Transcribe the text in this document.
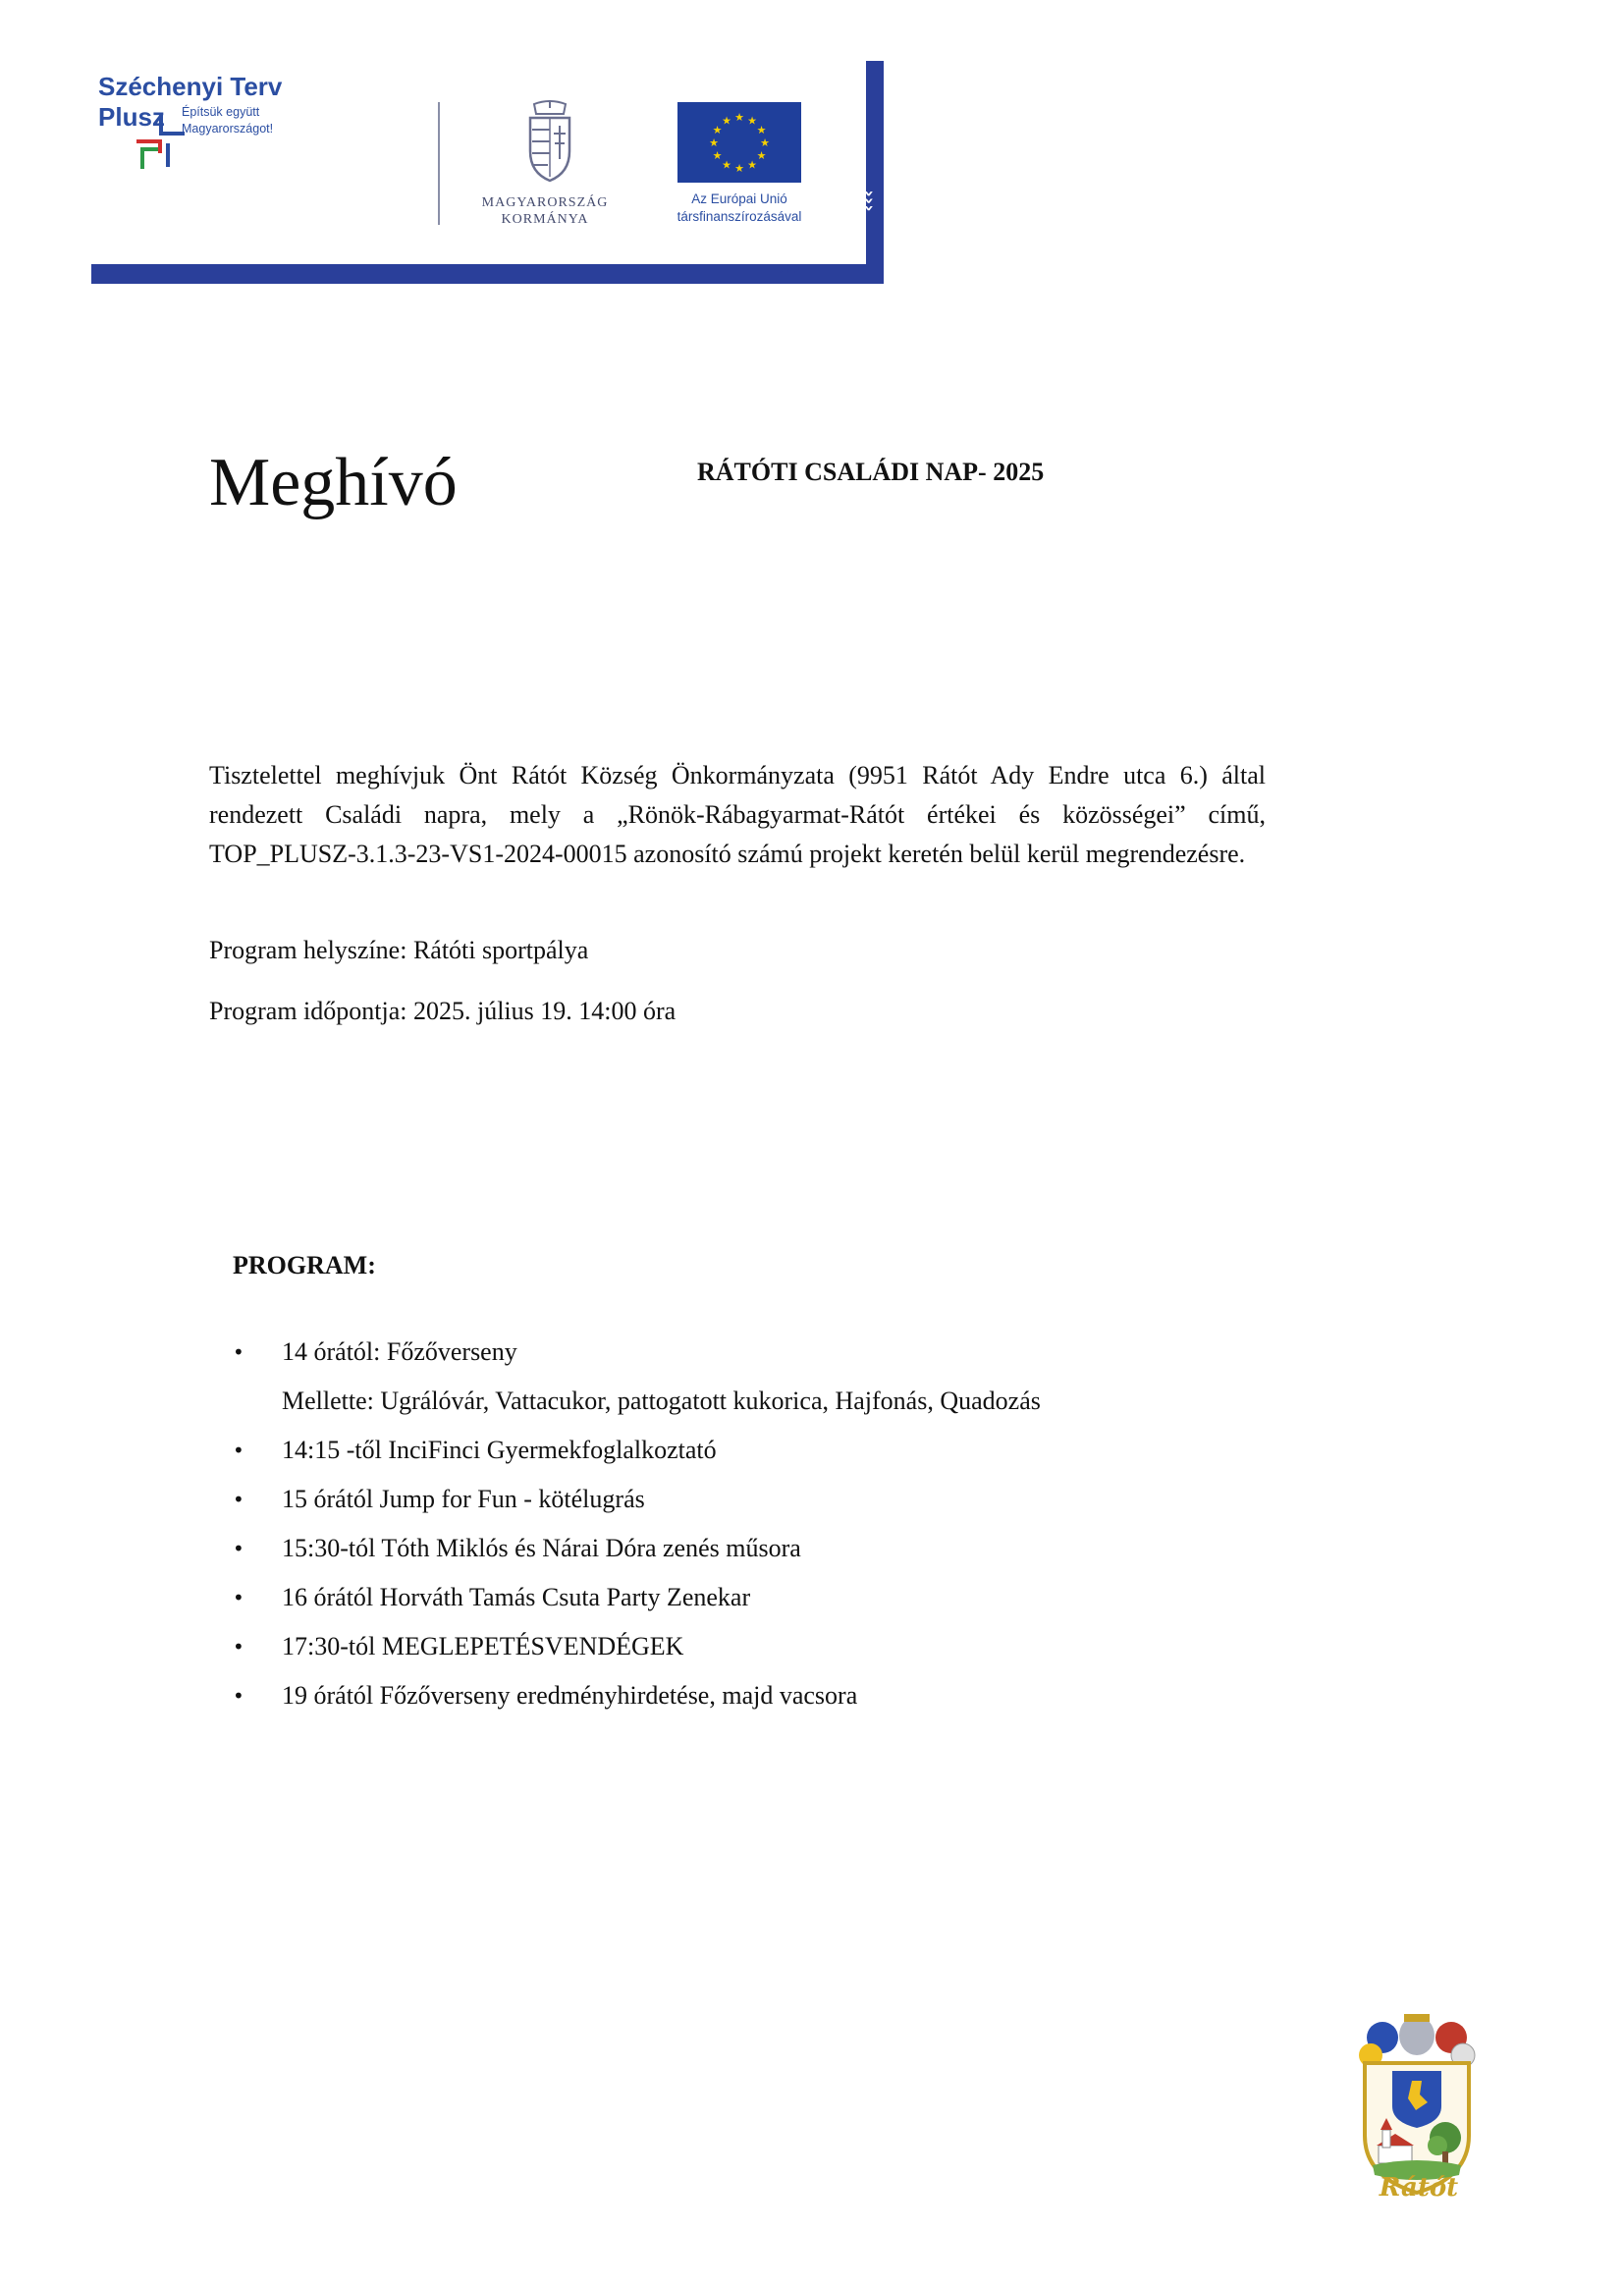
›››
›››
Széchenyi Terv
Plusz Építsük együtt
Magyarországot!
MAGYARORSZÁG
KORMÁNYA
★ ★
★
★
★
★
★
★
★
★
★
★
Az Európai Unió
társfinanszírozásával
Meghívó	RÁTÓTI CSALÁDI NAP- 2025
Tisztelettel meghívjuk Önt Rátót Község Önkormányzata (9951 Rátót Ady Endre utca 6.) által rendezett Családi napra, mely a „Rönök-Rábagyarmat-Rátót értékei és közösségei” című, TOP_PLUSZ-3.1.3-23-VS1-2024-00015 azonosító számú projekt keretén belül kerül megrendezésre.
Program helyszíne: Rátóti sportpálya
Program időpontja: 2025. július 19. 14:00 óra
PROGRAM:
•	14 órától: Főzőverseny
Mellette: Ugrálóvár, Vattacukor, pattogatott kukorica, Hajfonás, Quadozás
•	14:15 -től InciFinci Gyermekfoglalkoztató
•	15 órától Jump for Fun - kötélugrás
•	15:30-tól Tóth Miklós és Nárai Dóra zenés műsora
•	16 órától Horváth Tamás Csuta Party Zenekar
•	17:30-tól MEGLEPETÉSVENDÉGEK
•	19 órától Főzőverseny eredményhirdetése, majd vacsora
Rátót
